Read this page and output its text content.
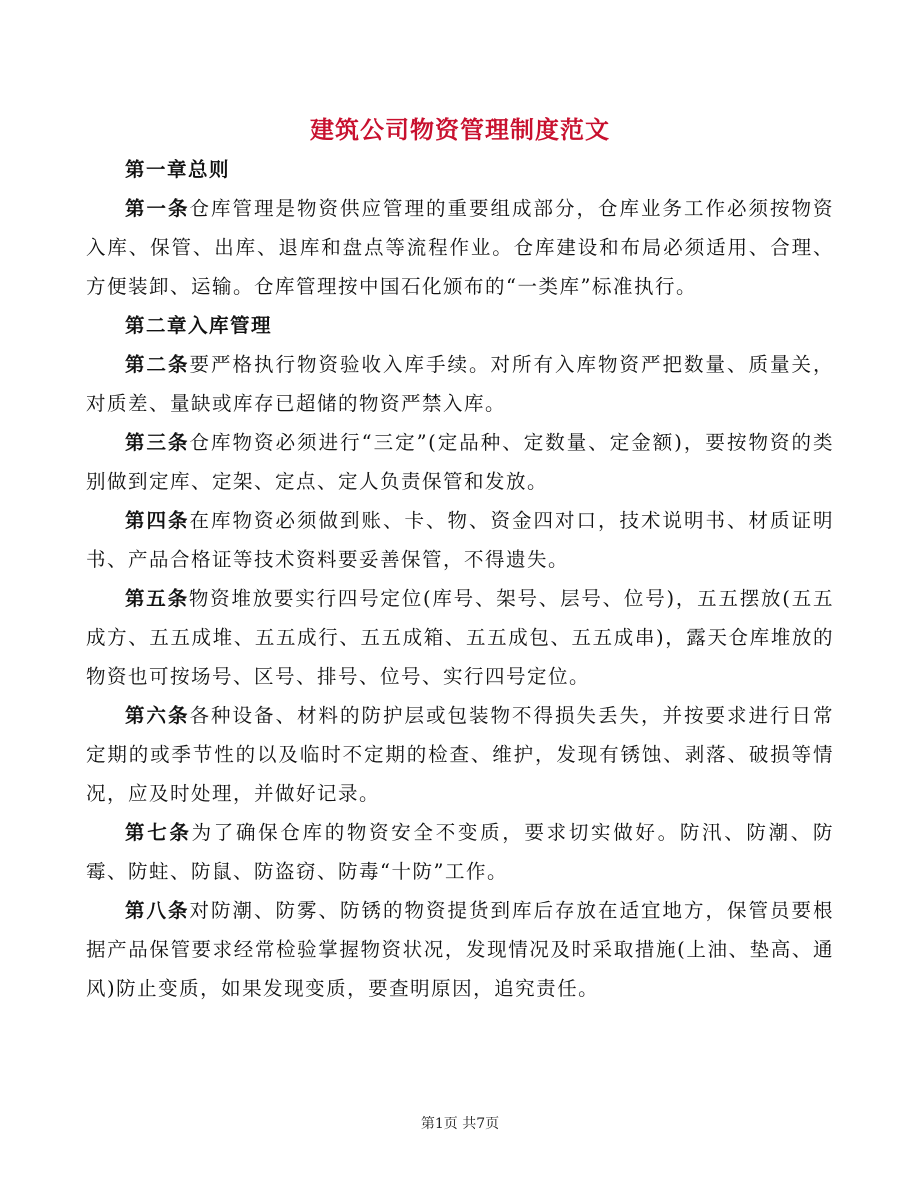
建筑公司物资管理制度范文

第一章总则

第一条仓库管理是物资供应管理的重要组成部分，仓库业务工作必须按物资入库、保管、出库、退库和盘点等流程作业。仓库建设和布局必须适用、合理、方便装卸、运输。仓库管理按中国石化颁布的“一类库”标准执行。

第二章入库管理

第二条要严格执行物资验收入库手续。对所有入库物资严把数量、质量关，对质差、量缺或库存已超储的物资严禁入库。

第三条仓库物资必须进行“三定”(定品种、定数量、定金额)，要按物资的类别做到定库、定架、定点、定人负责保管和发放。

第四条在库物资必须做到账、卡、物、资金四对口，技术说明书、材质证明书、产品合格证等技术资料要妥善保管，不得遗失。

第五条物资堆放要实行四号定位(库号、架号、层号、位号)，五五摆放(五五成方、五五成堆、五五成行、五五成箱、五五成包、五五成串)，露天仓库堆放的物资也可按场号、区号、排号、位号、实行四号定位。

第六条各种设备、材料的防护层或包装物不得损失丢失，并按要求进行日常定期的或季节性的以及临时不定期的检查、维护，发现有锈蚀、剥落、破损等情况，应及时处理，并做好记录。

第七条为了确保仓库的物资安全不变质，要求切实做好。防汛、防潮、防霉、防蛀、防鼠、防盗窃、防毒“十防”工作。

第八条对防潮、防雾、防锈的物资提货到库后存放在适宜地方，保管员要根据产品保管要求经常检验掌握物资状况，发现情况及时采取措施(上油、垫高、通风)防止变质，如果发现变质，要查明原因，追究责任。

第1页 共7页
